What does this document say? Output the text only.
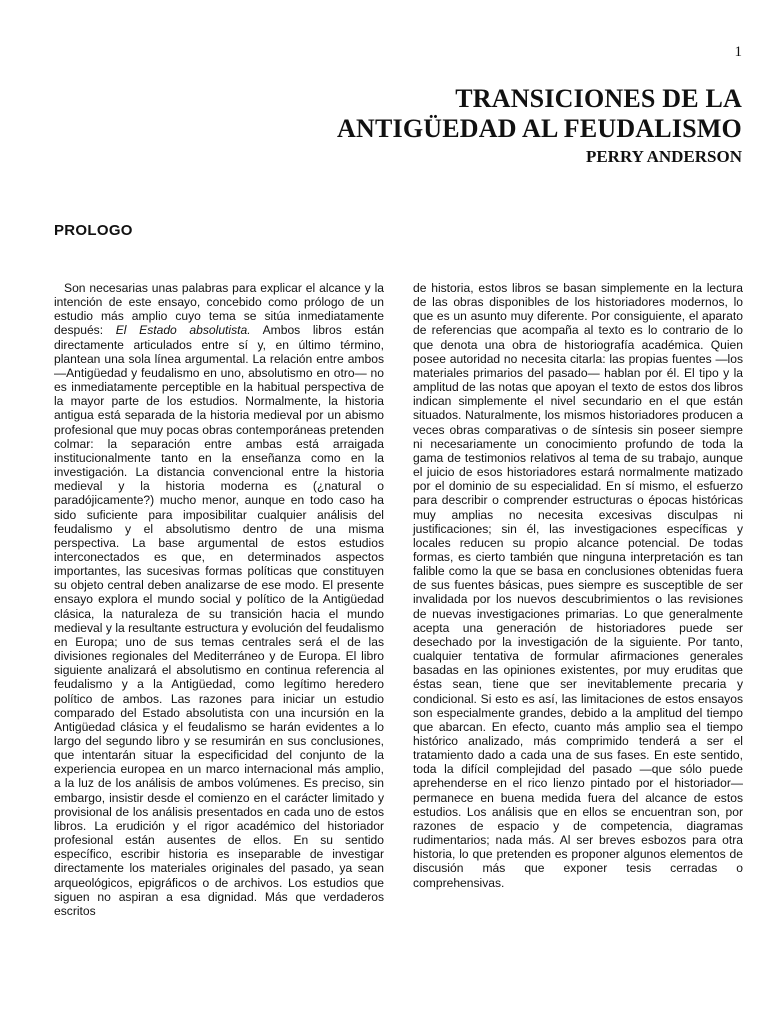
1
TRANSICIONES DE LA
ANTIGÜEDAD AL FEUDALISMO
PERRY ANDERSON
PROLOGO

Son necesarias unas palabras para explicar el alcance y la intención de este ensayo, concebido como prólogo de un estudio más amplio cuyo tema se sitúa inmediatamente después: El Estado absolutista. Ambos libros están directamente articulados entre sí y, en último término, plantean una sola línea argumental. La relación entre ambos —Antigüedad y feudalismo en uno, absolutismo en otro— no es inmediatamente perceptible en la habitual perspectiva de la mayor parte de los estudios. Normalmente, la historia antigua está separada de la historia medieval por un abismo profesional que muy pocas obras contemporáneas pretenden colmar: la separación entre ambas está arraigada institucionalmente tanto en la enseñanza como en la investigación. La distancia convencional entre la historia medieval y la historia moderna es (¿natural o paradójicamente?) mucho menor, aunque en todo caso ha sido suficiente para imposibilitar cualquier análisis del feudalismo y el absolutismo dentro de una misma perspectiva. La base argumental de estos estudios interconectados es que, en determinados aspectos importantes, las sucesivas formas políticas que constituyen su objeto central deben analizarse de ese modo. El presente ensayo explora el mundo social y político de la Antigüedad clásica, la naturaleza de su transición hacia el mundo medieval y la resultante estructura y evolución del feudalismo en Europa; uno de sus temas centrales será el de las divisiones regionales del Mediterráneo y de Europa. El libro siguiente analizará el absolutismo en continua referencia al feudalismo y a la Antigüedad, como legítimo heredero político de ambos. Las razones para iniciar un estudio comparado del Estado absolutista con una incursión en la Antigüedad clásica y el feudalismo se harán evidentes a lo largo del segundo libro y se resumirán en sus conclusiones, que intentarán situar la especificidad del conjunto de la experiencia europea en un marco internacional más amplio, a la luz de los análisis de ambos volúmenes. Es preciso, sin embargo, insistir desde el comienzo en el carácter limitado y provisional de los análisis presentados en cada uno de estos libros. La erudición y el rigor académico del historiador profesional están ausentes de ellos. En su sentido específico, escribir historia es inseparable de investigar directamente los materiales originales del pasado, ya sean arqueológicos, epigráficos o de archivos. Los estudios que siguen no aspiran a esa dignidad. Más que verdaderos escritos

de historia, estos libros se basan simplemente en la lectura de las obras disponibles de los historiadores modernos, lo que es un asunto muy diferente. Por consiguiente, el aparato de referencias que acompaña al texto es lo contrario de lo que denota una obra de historiografía académica. Quien posee autoridad no necesita citarla: las propias fuentes —los materiales primarios del pasado— hablan por él. El tipo y la amplitud de las notas que apoyan el texto de estos dos libros indican simplemente el nivel secundario en el que están situados. Naturalmente, los mismos historiadores producen a veces obras comparativas o de síntesis sin poseer siempre ni necesariamente un conocimiento profundo de toda la gama de testimonios relativos al tema de su trabajo, aunque el juicio de esos historiadores estará normalmente matizado por el dominio de su especialidad. En sí mismo, el esfuerzo para describir o comprender estructuras o épocas históricas muy amplias no necesita excesivas disculpas ni justificaciones; sin él, las investigaciones específicas y locales reducen su propio alcance potencial. De todas formas, es cierto también que ninguna interpretación es tan falible como la que se basa en conclusiones obtenidas fuera de sus fuentes básicas, pues siempre es susceptible de ser invalidada por los nuevos descubrimientos o las revisiones de nuevas investigaciones primarias. Lo que generalmente acepta una generación de historiadores puede ser desechado por la investigación de la siguiente. Por tanto, cualquier tentativa de formular afirmaciones generales basadas en las opiniones existentes, por muy eruditas que éstas sean, tiene que ser inevitablemente precaria y condicional. Si esto es así, las limitaciones de estos ensayos son especialmente grandes, debido a la amplitud del tiempo que abarcan. En efecto, cuanto más amplio sea el tiempo histórico analizado, más comprimido tenderá a ser el tratamiento dado a cada una de sus fases. En este sentido, toda la difícil complejidad del pasado —que sólo puede aprehenderse en el rico lienzo pintado por el historiador— permanece en buena medida fuera del alcance de estos estudios. Los análisis que en ellos se encuentran son, por razones de espacio y de competencia, diagramas rudimentarios; nada más. Al ser breves esbozos para otra historia, lo que pretenden es proponer algunos elementos de discusión más que exponer tesis cerradas o comprehensivas.
